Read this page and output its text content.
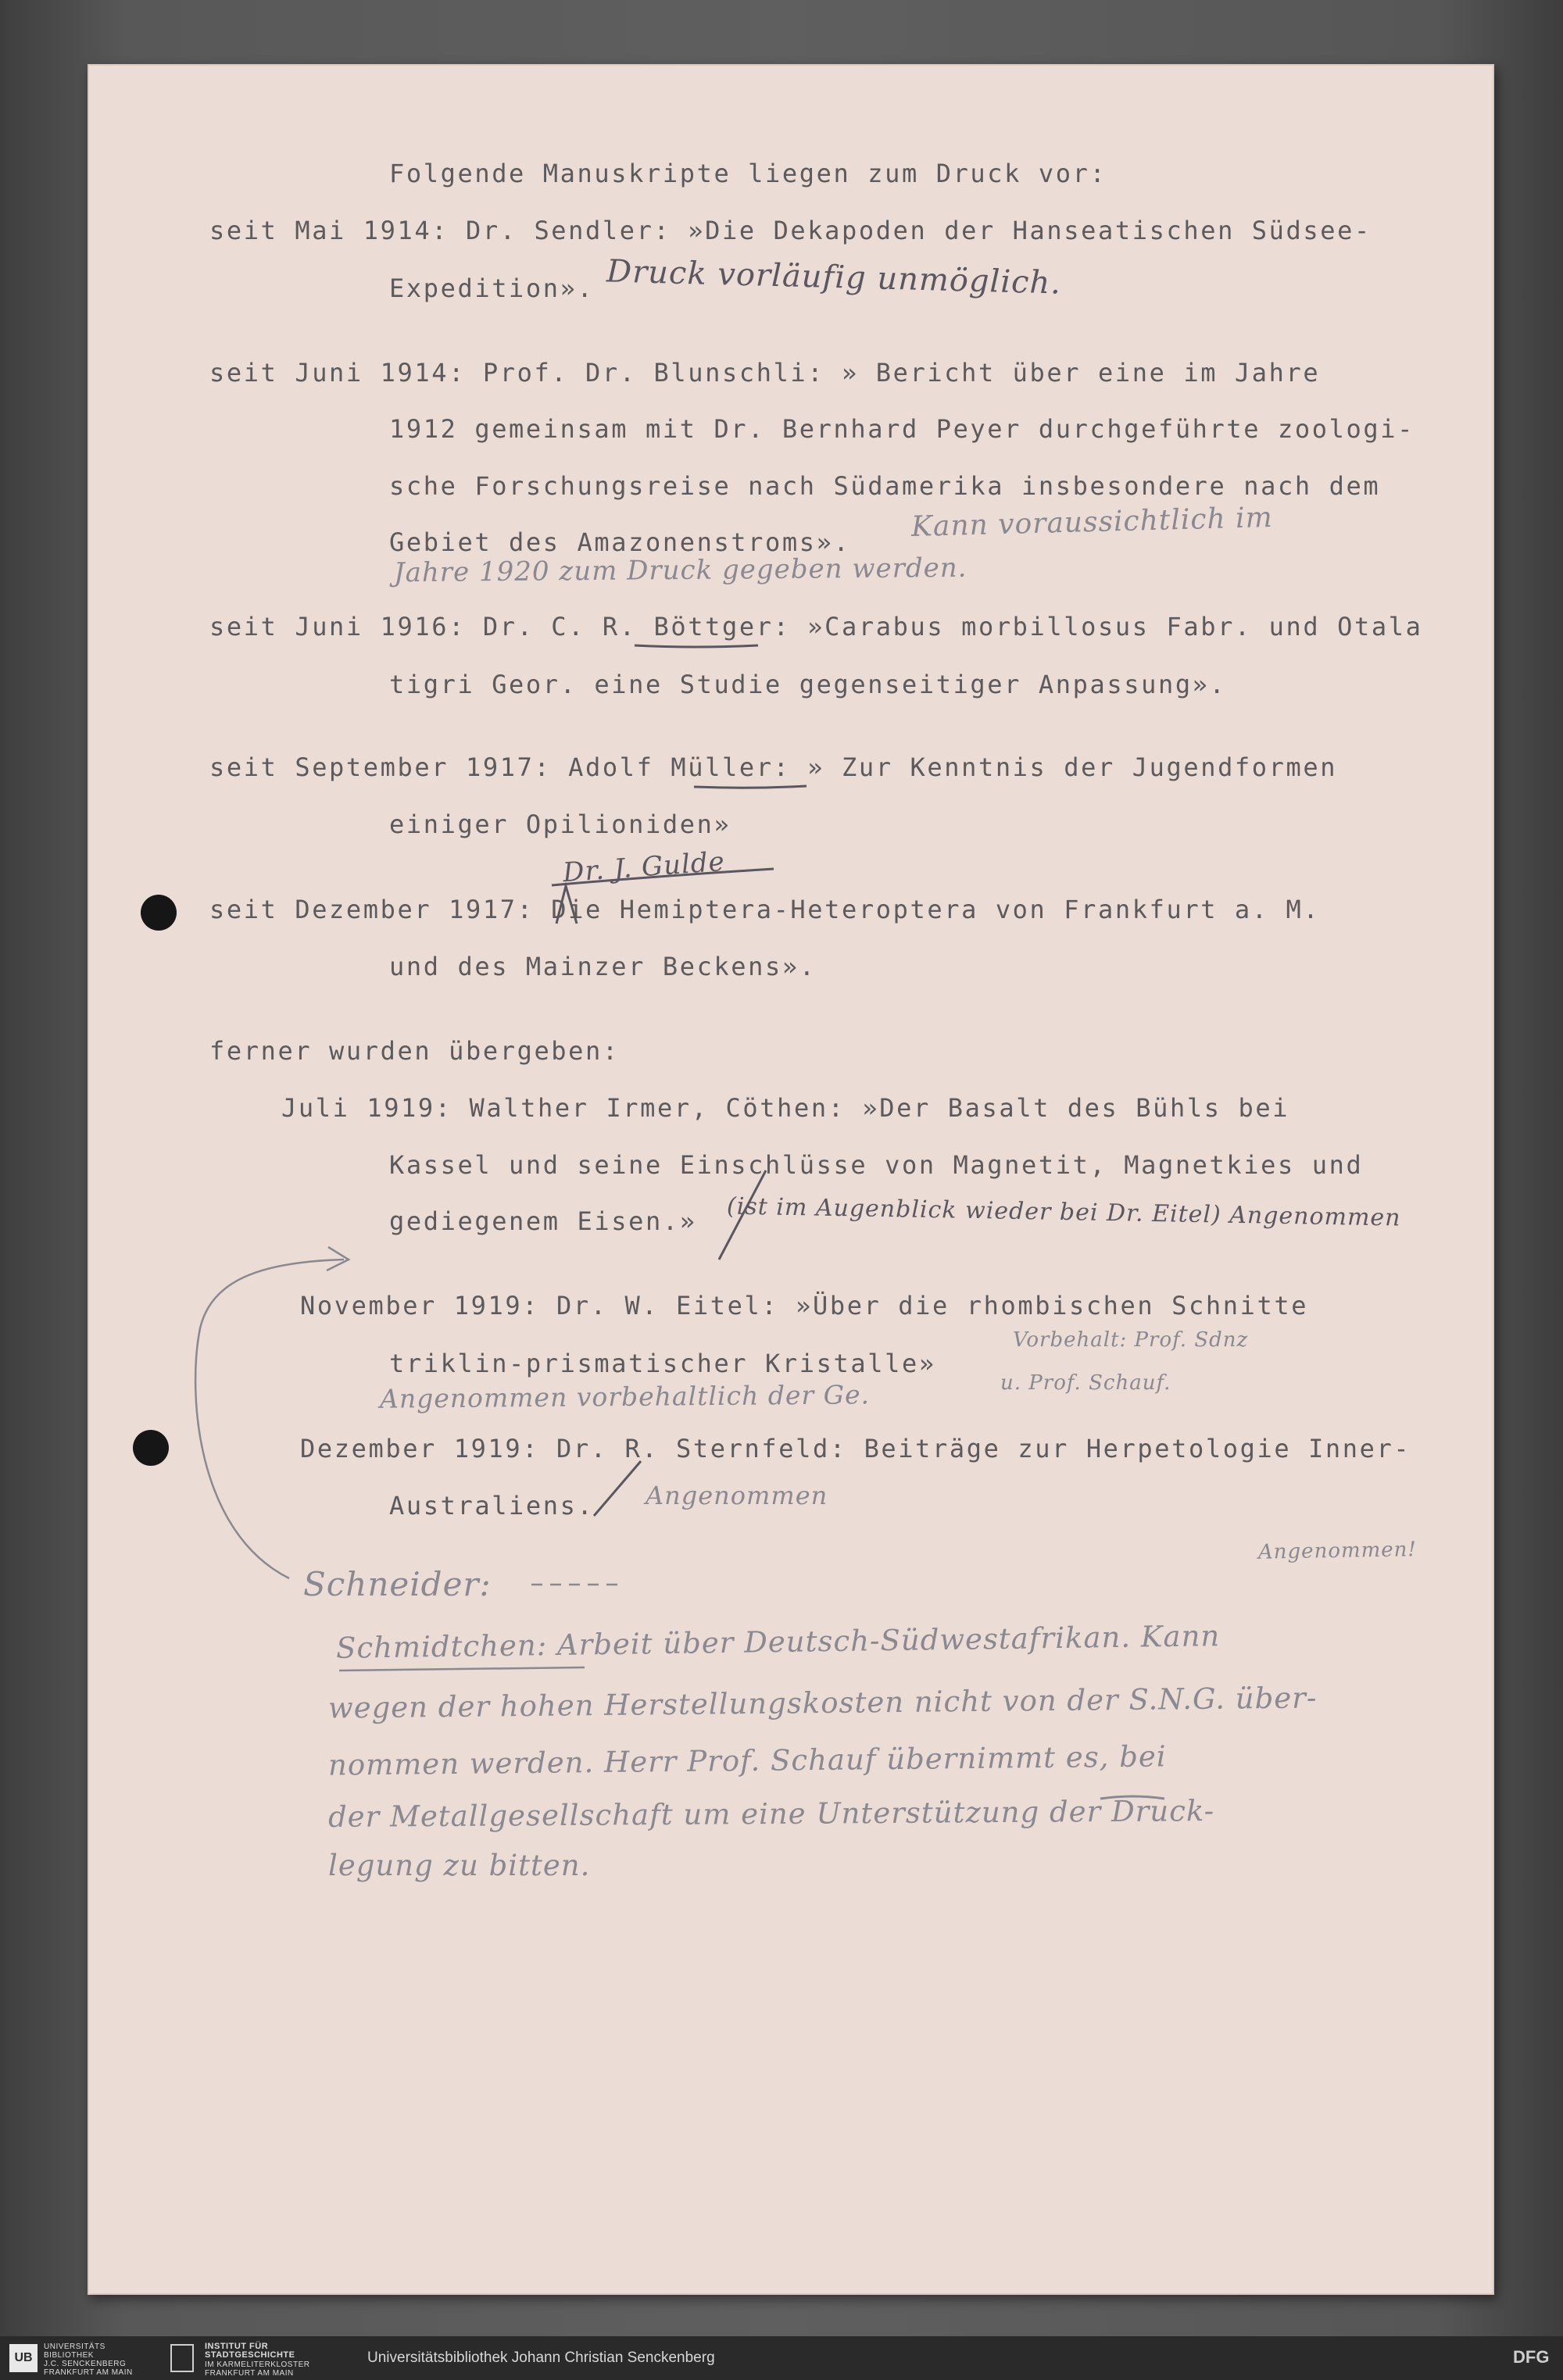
Folgende Manuskripte liegen zum Druck vor:
seit Mai 1914: Dr. Sendler: »Die Dekapoden der Hanseatischen Südsee-
Expedition».
seit Juni 1914: Prof. Dr. Blunschli: » Bericht über eine im Jahre
1912 gemeinsam mit Dr. Bernhard Peyer durchgeführte zoologi-
sche Forschungsreise nach Südamerika insbesondere nach dem
Gebiet des Amazonenstroms».
seit Juni 1916: Dr. C. R. Böttger: »Carabus morbillosus Fabr. und Otala
tigri Geor. eine Studie gegenseitiger Anpassung».
seit September 1917: Adolf Müller: » Zur Kenntnis der Jugendformen
einiger Opilioniden»
seit Dezember 1917: Die Hemiptera-Heteroptera von Frankfurt a. M.
und des Mainzer Beckens».
ferner wurden übergeben:
Juli 1919: Walther Irmer, Cöthen: »Der Basalt des Bühls bei
Kassel und seine Einschlüsse von Magnetit, Magnetkies und
gediegenem Eisen.»
November 1919: Dr. W. Eitel: »Über die rhombischen Schnitte
triklin-prismatischer Kristalle»
Dezember 1919: Dr. R. Sternfeld: Beiträge zur Herpetologie Inner-
Australiens.
Druck vorläufig unmöglich.
Kann voraussichtlich im
Jahre 1920 zum Druck gegeben werden.
Dr. J. Gulde
(ist im Augenblick wieder bei Dr. Eitel) Angenommen
Vorbehalt: Prof. Sdnz
u. Prof. Schauf.
Angenommen vorbehaltlich der Ge.
Angenommen
Angenommen!
Schneider:
Schmidtchen: Arbeit über Deutsch-Südwestafrikan. Kann
wegen der hohen Herstellungskosten nicht von der S.N.G. über-
nommen werden. Herr Prof. Schauf übernimmt es, bei
der Metallgesellschaft um eine Unterstützung der Druck-
legung zu bitten.
UB
UNIVERSITÄTS
BIBLIOTHEK
J.C. SENCKENBERG
FRANKFURT AM MAIN
INSTITUT FÜR
STADTGESCHICHTE
IM KARMELITERKLOSTER
FRANKFURT AM MAIN
Universitätsbibliothek Johann Christian Senckenberg	DFG
